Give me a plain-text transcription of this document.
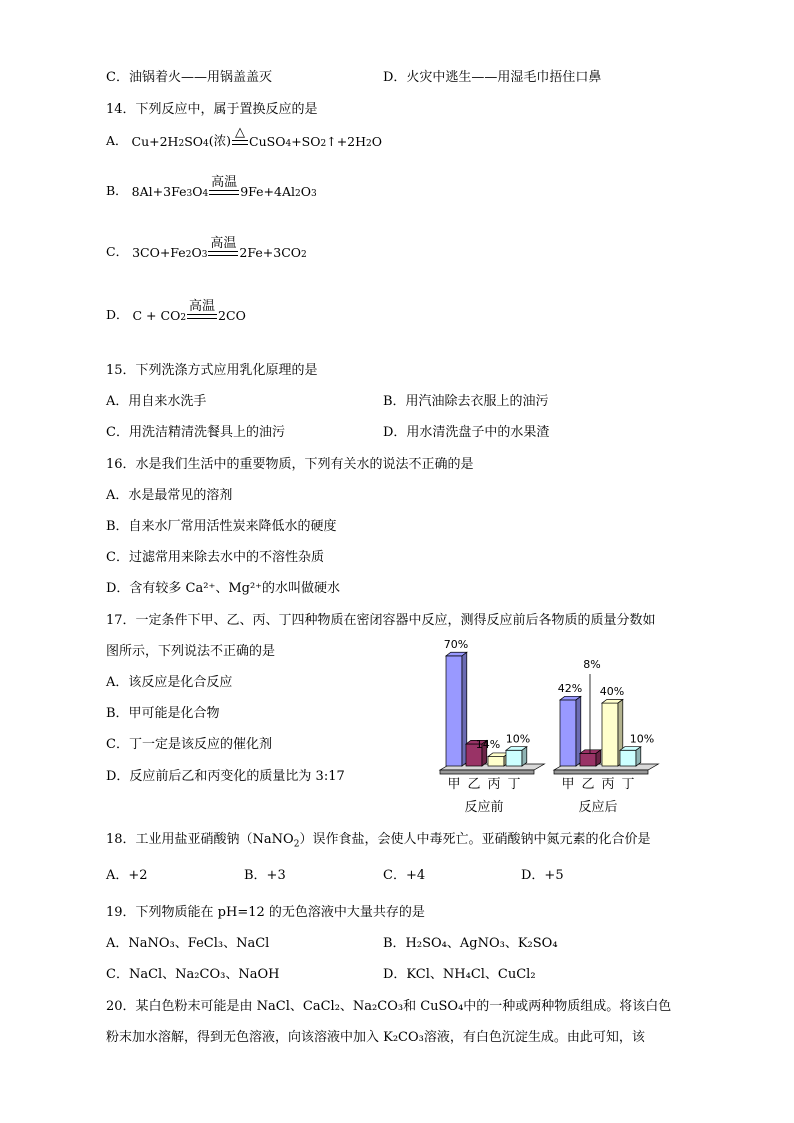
C．油锅着火——用锅盖盖灭	D．火灾中逃生——用湿毛巾捂住口鼻
14．下列反应中，属于置换反应的是
A．
$Cu+2H_2$ $SO_4$ (浓)
△
CuSO$_4$ $+SO_2$ $↑+2H_2$ O
B．
$8Al+3Fe_3$ $O_4$
高温
$9Fe+4Al_2$ $O_3$
C．
$3CO+Fe_2$ $O_3$
高温
$2Fe+3CO_2$
D．
$C + CO_2$
高温
2CO
15．下列洗涤方式应用乳化原理的是
A．用自来水洗手	B．用汽油除去衣服上的油污
C．用洗洁精清洗餐具上的油污	D．用水清洗盘子中的水果渣
16．水是我们生活中的重要物质，下列有关水的说法不正确的是
A．水是最常见的溶剂
B．自来水厂常用活性炭来降低水的硬度
C．过滤常用来除去水中的不溶性杂质
D．含有较多 Ca²⁺、Mg²⁺的水叫做硬水
17．一定条件下甲、乙、丙、丁四种物质在密闭容器中反应，测得反应前后各物质的质量分数如
图所示，下列说法不正确的是
A．该反应是化合反应
B．甲可能是化合物
C．丁一定是该反应的催化剂
D．反应前后乙和丙变化的质量比为 3:17
70%
14% 10%
42%
8%
40%
10%
甲 乙 丙 丁
反应前
甲 乙 丙 丁
反应后
18．工业用盐亚硝酸钠（NaNO$_2$）误作食盐，会使人中毒死亡。亚硝酸钠中氮元素的化合价是
A．+2	B．+3	C．+4	D．+5
19．下列物质能在 pH=12 的无色溶液中大量共存的是
A．NaNO₃、FeCl₃、NaCl	B．H₂SO₄、AgNO₃、K₂SO₄
C．NaCl、Na₂CO₃、NaOH	D．KCl、NH₄Cl、CuCl₂
20．某白色粉末可能是由 NaCl、CaCl₂、Na₂CO₃和 CuSO₄中的一种或两种物质组成。将该白色
粉末加水溶解，得到无色溶液，向该溶液中加入 K₂CO₃溶液，有白色沉淀生成。由此可知，该
